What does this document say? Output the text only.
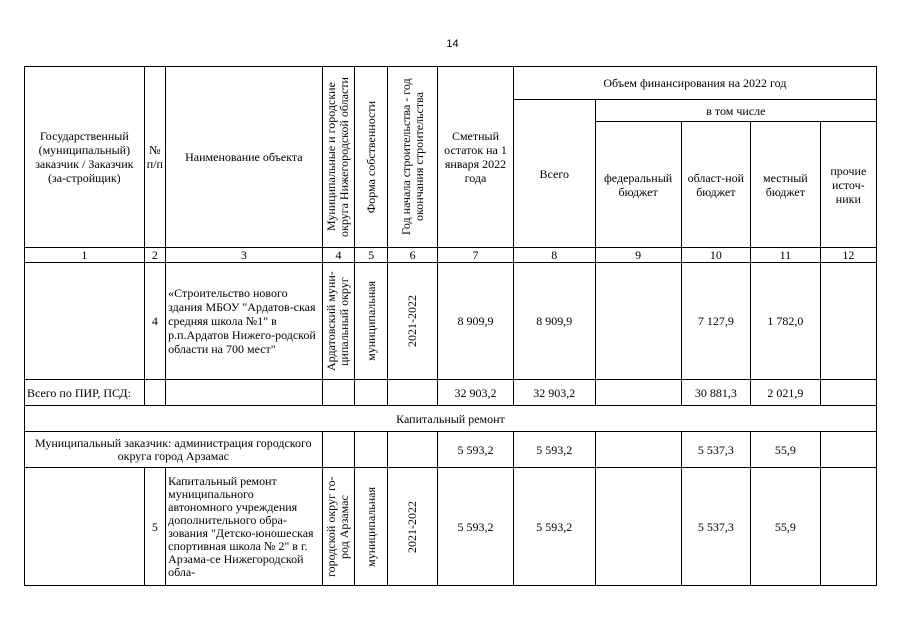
14
Государственный (муниципальный) заказчик / Заказчик (за-стройщик)	№ п/п	Наименование объекта	Муниципальные и городские округа Нижегородской области	Форма собственности	Год начала строительства - год окончания строительства	Сметный остаток на 1 января 2022 года	Объем финансирования на 2022 год				
							Всего	в том числе			
								федеральный бюджет	област-ной бюджет	местный бюджет	прочие источ-ники
1	2	3	4	5	6	7	8	9	10	11	12
	4	«Строительство нового здания МБОУ "Ардатов-ская средняя школа №1" в р.п.Ардатов Нижего-родской области на 700 мест"	Ардатовский муни-ципальный округ	муниципальная	2021-2022	8 909,9	8 909,9		7 127,9	1 782,0	
Всего по ПИР, ПСД:						32 903,2	32 903,2		30 881,3	2 021,9	
Капитальный ремонт											
Муниципальный заказчик: администрация городского округа город Арзамас						5 593,2	5 593,2		5 537,3	55,9	
	5	Капитальный ремонт муниципального автономного учреждения дополнительного обра-зования "Детско-юношеская спортивная школа № 2" в г. Арзама-се Нижегородской обла-	городской округ го-род Арзамас	муниципальная	2021-2022	5 593,2	5 593,2		5 537,3	55,9	
